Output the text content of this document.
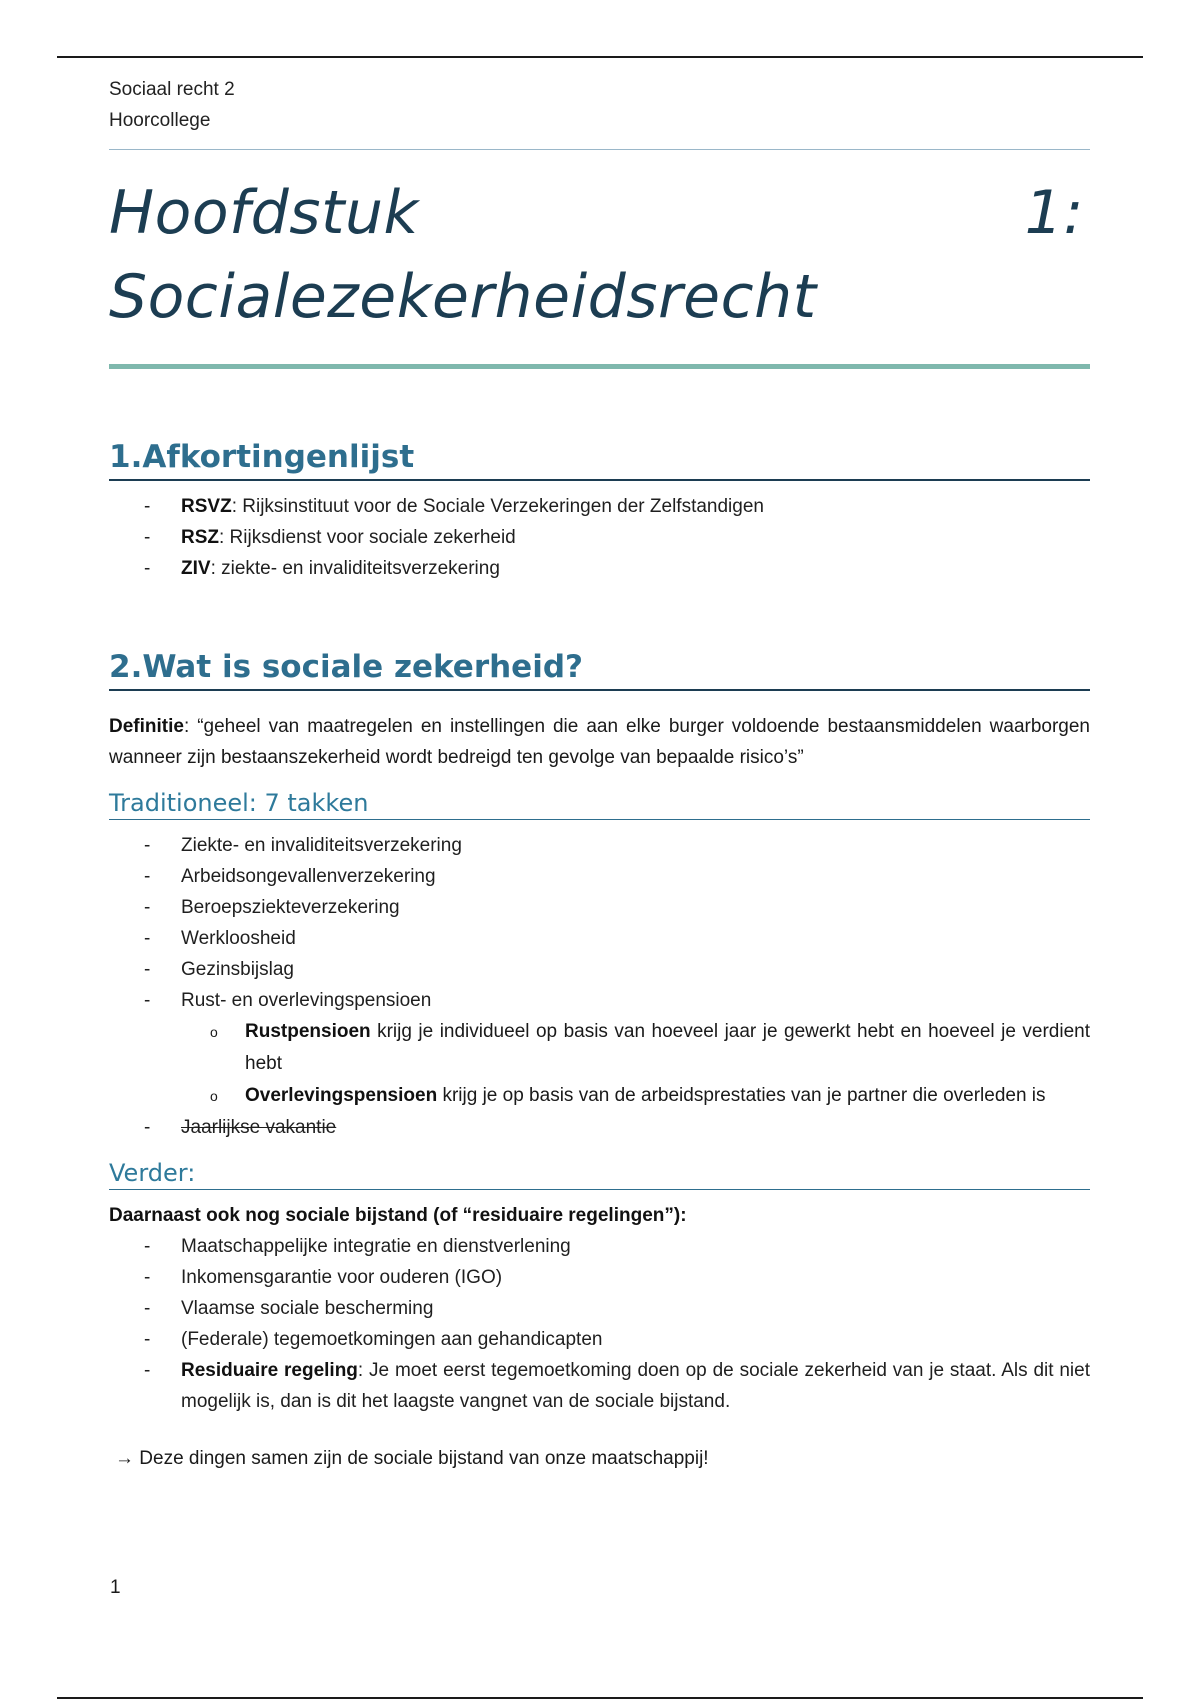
Sociaal recht 2
Hoorcollege
Hoofdstuk	1:
Socialezekerheidsrecht
1.Afkortingenlijst
- RSVZ: Rijksinstituut voor de Sociale Verzekeringen der Zelfstandigen
- RSZ: Rijksdienst voor sociale zekerheid
- ZIV: ziekte- en invaliditeitsverzekering
2.Wat is sociale zekerheid?

Definitie: “geheel van maatregelen en instellingen die aan elke burger voldoende bestaansmiddelen waarborgen wanneer zijn bestaanszekerheid wordt bedreigd ten gevolge van bepaalde risico’s”

Traditioneel: 7 takken
- Ziekte- en invaliditeitsverzekering
- Arbeidsongevallenverzekering
- Beroepsziekteverzekering
- Werkloosheid
- Gezinsbijslag
- Rust- en overlevingspensioen
o Rustpensioen krijg je individueel op basis van hoeveel jaar je gewerkt hebt en hoeveel je verdient hebt
o Overlevingspensioen krijg je op basis van de arbeidsprestaties van je partner die overleden is
- Jaarlijkse vakantie
Verder:

Daarnaast ook nog sociale bijstand (of “residuaire regelingen”):

- Maatschappelijke integratie en dienstverlening
- Inkomensgarantie voor ouderen (IGO)
- Vlaamse sociale bescherming
- (Federale) tegemoetkomingen aan gehandicapten
- Residuaire regeling: Je moet eerst tegemoetkoming doen op de sociale zekerheid van je staat. Als dit niet mogelijk is, dan is dit het laagste vangnet van de sociale bijstand.

→ Deze dingen samen zijn de sociale bijstand van onze maatschappij!

1
